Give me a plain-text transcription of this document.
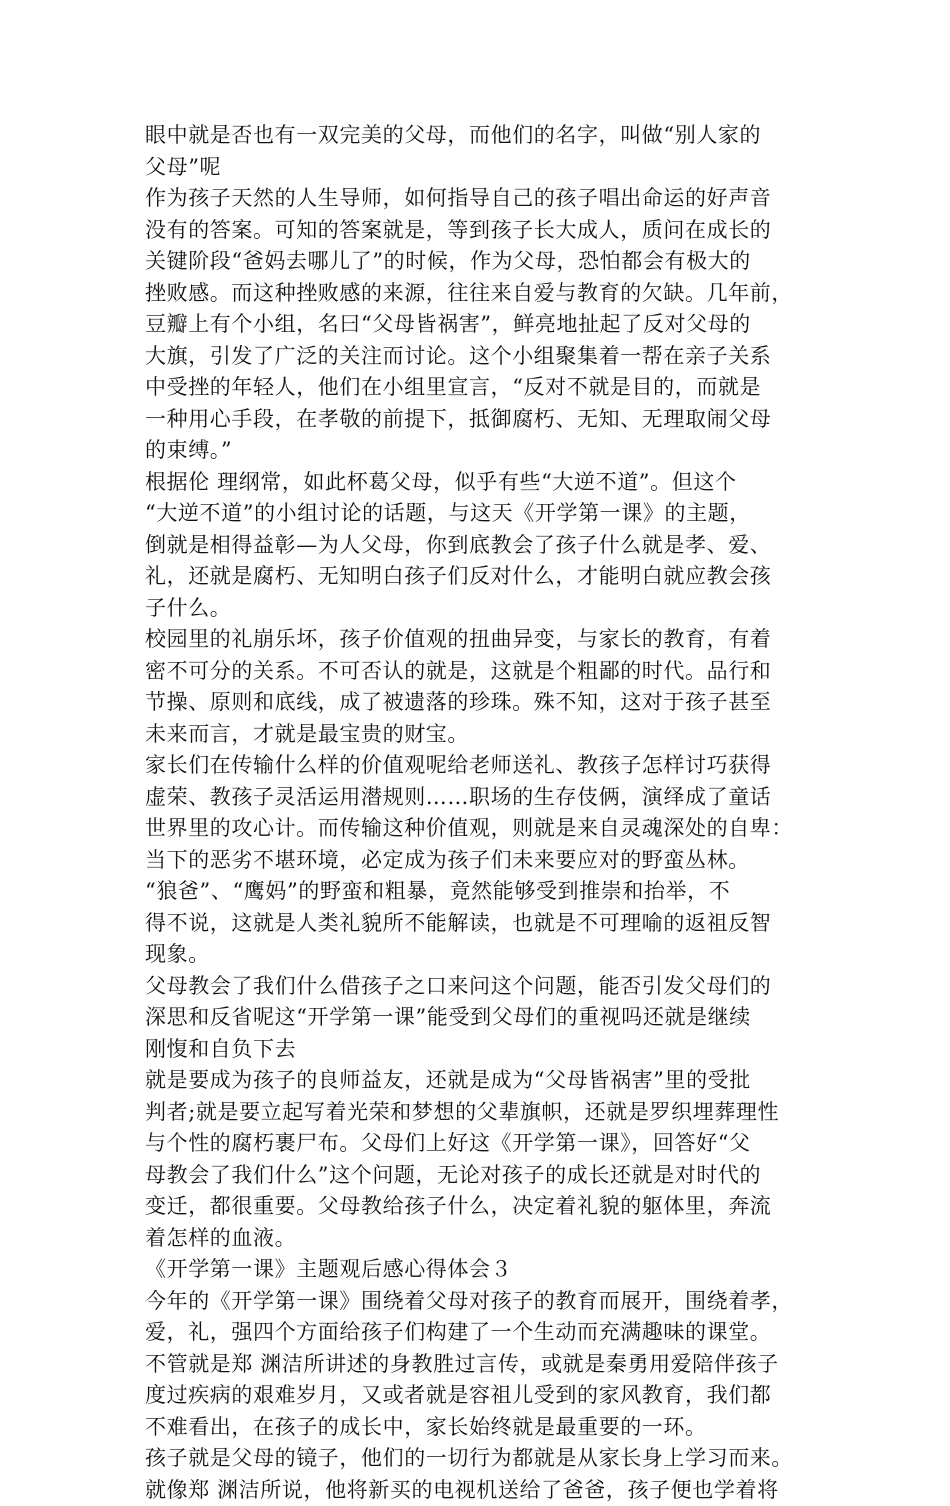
眼中就是否也有一双完美的父母，而他们的名字，叫做“别人家的
父母”呢
作为孩子天然的人生导师，如何指导自己的孩子唱出命运的好声音
没有的答案。可知的答案就是，等到孩子长大成人，质问在成长的
关键阶段“爸妈去哪儿了”的时候，作为父母，恐怕都会有极大的
挫败感。而这种挫败感的来源，往往来自爱与教育的欠缺。几年前，
豆瓣上有个小组，名曰“父母皆祸害”，鲜亮地扯起了反对父母的
大旗，引发了广泛的关注而讨论。这个小组聚集着一帮在亲子关系
中受挫的年轻人，他们在小组里宣言，“反对不就是目的，而就是
一种用心手段，在孝敬的前提下，抵御腐朽、无知、无理取闹父母
的束缚。”
根据伦 理纲常，如此杯葛父母，似乎有些“大逆不道”。但这个
“大逆不道”的小组讨论的话题，与这天《开学第一课》的主题，
倒就是相得益彰—为人父母，你到底教会了孩子什么就是孝、爱、
礼，还就是腐朽、无知明白孩子们反对什么，才能明白就应教会孩
子什么。
校园里的礼崩乐坏，孩子价值观的扭曲异变，与家长的教育，有着
密不可分的关系。不可否认的就是，这就是个粗鄙的时代。品行和
节操、原则和底线，成了被遗落的珍珠。殊不知，这对于孩子甚至
未来而言，才就是最宝贵的财宝。
家长们在传输什么样的价值观呢给老师送礼、教孩子怎样讨巧获得
虚荣、教孩子灵活运用潜规则……职场的生存伎俩，演绎成了童话
世界里的攻心计。而传输这种价值观，则就是来自灵魂深处的自卑：
当下的恶劣不堪环境，必定成为孩子们未来要应对的野蛮丛林。
“狼爸”、“鹰妈”的野蛮和粗暴，竟然能够受到推崇和抬举，不
得不说，这就是人类礼貌所不能解读，也就是不可理喻的返祖反智
现象。
父母教会了我们什么借孩子之口来问这个问题，能否引发父母们的
深思和反省呢这“开学第一课”能受到父母们的重视吗还就是继续
刚愎和自负下去
就是要成为孩子的良师益友，还就是成为“父母皆祸害”里的受批
判者;就是要立起写着光荣和梦想的父辈旗帜，还就是罗织埋葬理性
与个性的腐朽裹尸布。父母们上好这《开学第一课》，回答好“父
母教会了我们什么”这个问题，无论对孩子的成长还就是对时代的
变迁，都很重要。父母教给孩子什么，决定着礼貌的躯体里，奔流
着怎样的血液。
《开学第一课》主题观后感心得体会３
今年的《开学第一课》围绕着父母对孩子的教育而展开，围绕着孝，
爱，礼，强四个方面给孩子们构建了一个生动而充满趣味的课堂。
不管就是郑 渊洁所讲述的身教胜过言传，或就是秦勇用爱陪伴孩子
度过疾病的艰难岁月，又或者就是容祖儿受到的家风教育，我们都
不难看出，在孩子的成长中，家长始终就是最重要的一环。
孩子就是父母的镜子，他们的一切行为都就是从家长身上学习而来。
就像郑 渊洁所说，他将新买的电视机送给了爸爸，孩子便也学着将
